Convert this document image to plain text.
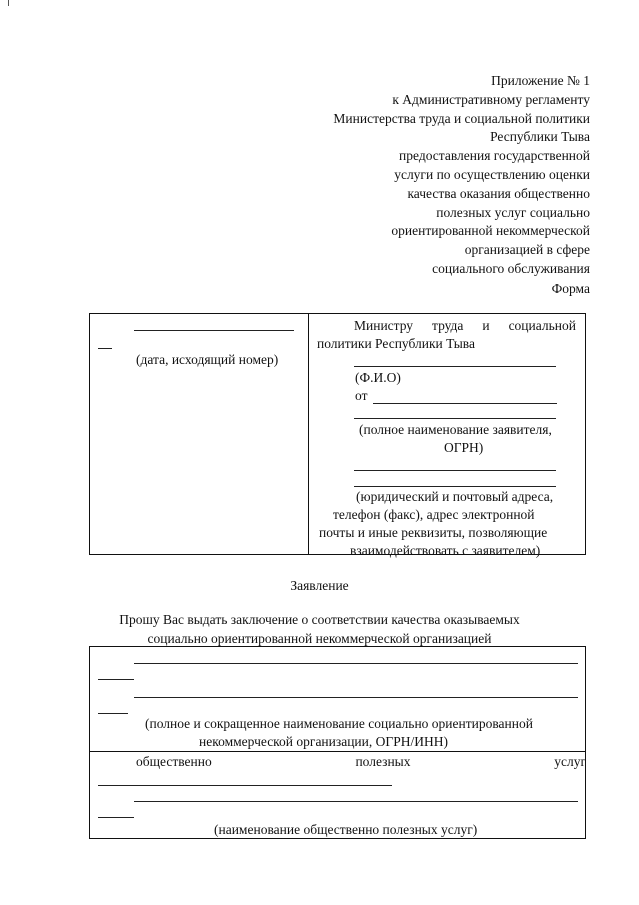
Приложение № 1
к Административному регламенту
Министерства труда и социальной политики
Республики Тыва
предоставления государственной
услуги по осуществлению оценки
качества оказания общественно
полезных услуг социально
ориентированной некоммерческой
организацией в сфере
социального обслуживания
Форма
(дата, исходящий номер)
Министру труда и социальной
политики Республики Тыва
(Ф.И.О)
от
(полное наименование заявителя,
ОГРН)
(юридический и почтовый адреса,
телефон (факс), адрес электронной
почты и иные реквизиты, позволяющие
взаимодействовать с заявителем)
Заявление
Прошу Вас выдать заключение о соответствии качества оказываемых
социально ориентированной некоммерческой организацией
(полное и сокращенное наименование социально ориентированной
некоммерческой организации, ОГРН/ИНН)
общественно	полезных	услуг
(наименование общественно полезных услуг)
